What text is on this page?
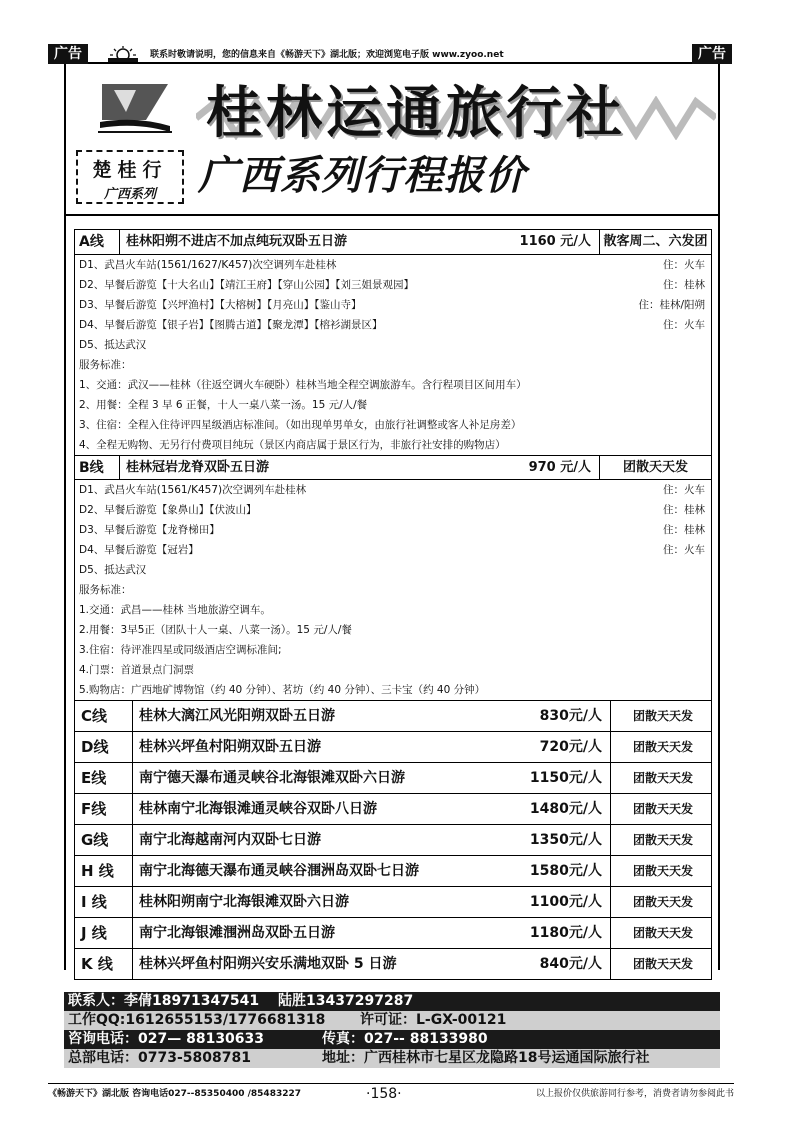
广告	联系时敬请说明，您的信息来自《畅游天下》湖北版；欢迎浏览电子版 www.zyoo.net	广告
桂林运通旅行社
楚桂行
广西系列	广西系列行程报价
A线	桂林阳朔不进店不加点纯玩双卧五日游	1160 元/人 散客周二、六发团
D1、武昌火车站(1561/1627/K457)次空调列车赴桂林	住：火车
D2、早餐后游览【十大名山】【靖江王府】【穿山公园】【刘三姐景观园】	住：桂林
D3、早餐后游览【兴坪渔村】【大榕树】【月亮山】【鉴山寺】	住：桂林/阳朔
D4、早餐后游览【银子岩】【图腾古道】【聚龙潭】【榕衫湖景区】	住：火车
D5、抵达武汉
服务标准：
1、交通：武汉——桂林（往返空调火车硬卧）桂林当地全程空调旅游车。含行程项目区间用车）
2、用餐：全程 3 早 6 正餐，十人一桌八菜一汤。15 元/人/餐
3、住宿：全程入住待评四星级酒店标准间。（如出现单男单女，由旅行社调整或客人补足房差）
4、全程无购物、无另行付费项目纯玩（景区内商店属于景区行为，非旅行社安排的购物店）
B线	桂林冠岩龙脊双卧五日游	970 元/人	团散天天发
D1、武昌火车站(1561/K457)次空调列车赴桂林	住：火车
D2、早餐后游览【象鼻山】【伏波山】	住：桂林
D3、早餐后游览【龙脊梯田】	住：桂林
D4、早餐后游览【冠岩】	住：火车
D5、抵达武汉
服务标准：
1.交通：武昌——桂林 当地旅游空调车。
2.用餐：3早5正（团队十人一桌、八菜一汤）。15 元/人/餐
3.住宿：待评准四星或同级酒店空调标准间;
4.门票：首道景点门洞票
5.购物店：广西地矿博物馆（约 40 分钟）、茗坊（约 40 分钟）、三卡宝（约 40 分钟）
C线	桂林大漓江风光阳朔双卧五日游	830元/人	团散天天发
D线	桂林兴坪鱼村阳朔双卧五日游	720元/人	团散天天发
E线	南宁德天瀑布通灵峡谷北海银滩双卧六日游	1150元/人	团散天天发
F线	桂林南宁北海银滩通灵峡谷双卧八日游	1480元/人	团散天天发
G线	南宁北海越南河内双卧七日游	1350元/人	团散天天发
H 线	南宁北海德天瀑布通灵峡谷涠洲岛双卧七日游	1580元/人	团散天天发
I 线	桂林阳朔南宁北海银滩双卧六日游	1100元/人	团散天天发
J 线	南宁北海银滩涠洲岛双卧五日游	1180元/人	团散天天发
K 线	桂林兴坪鱼村阳朔兴安乐满地双卧 5 日游	840元/人	团散天天发
联系人：李倩18971347541　 陆胜13437297287
工作QQ:1612655153/1776681318 许可证：L-GX-00121
咨询电话：027— 88130633	传真：027-- 88133980
总部电话：0773-5808781	地址：广西桂林市七星区龙隐路18号运通国际旅行社
《畅游天下》湖北版 咨询电话027--85350400 /85483227	·158·	以上报价仅供旅游同行参考，消费者请勿参阅此书
